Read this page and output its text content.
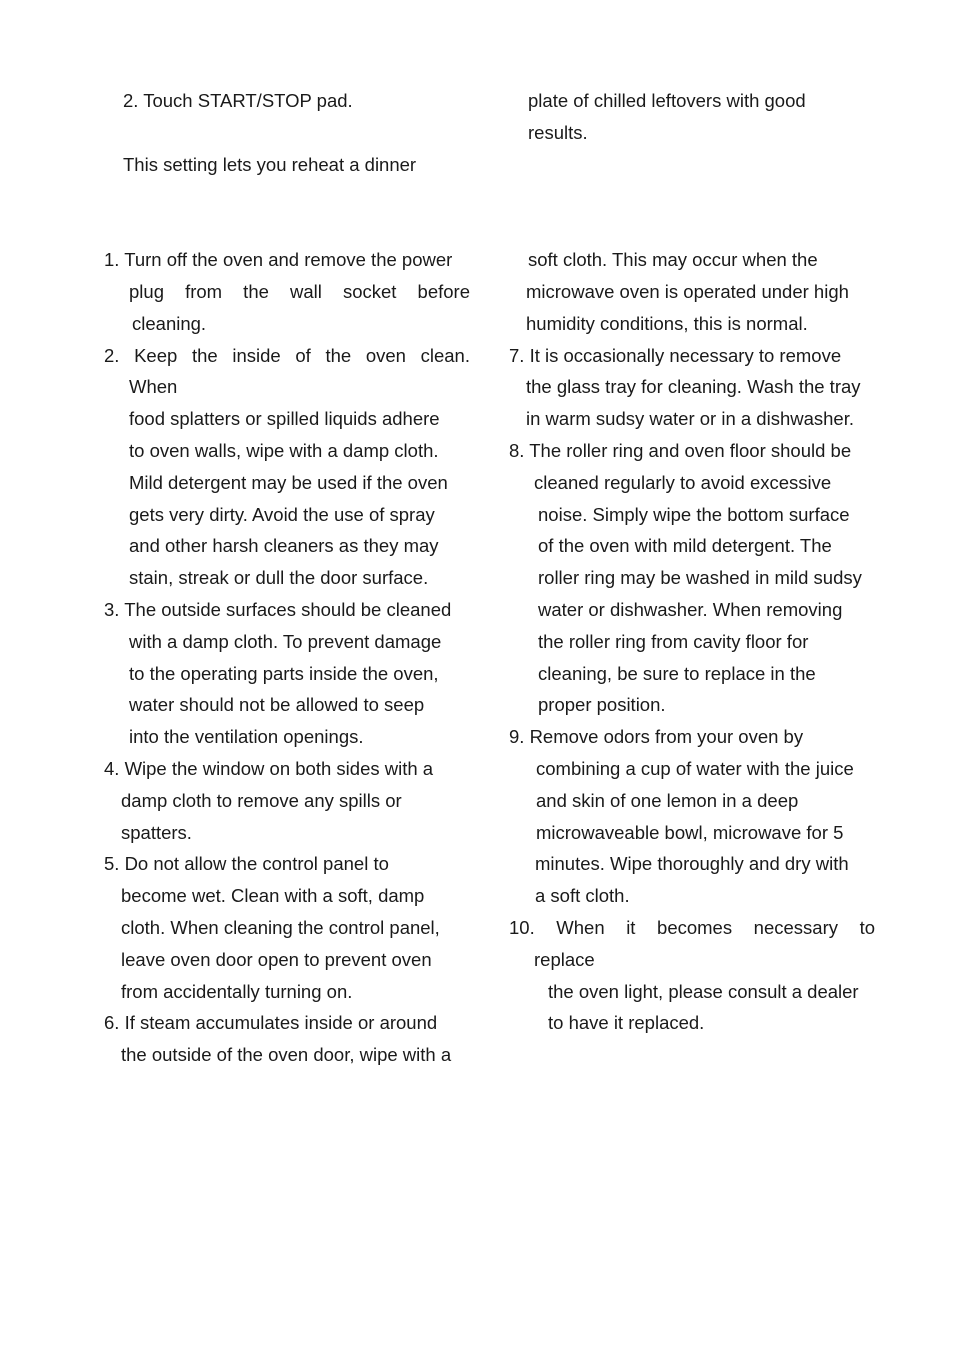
2. Touch START/STOP pad.
This setting lets you reheat a dinner
plate of chilled leftovers with good
results.
1. Turn off the oven and remove the power
plug from the wall socket before
cleaning.
2. Keep the inside of the oven clean.
When
food splatters or spilled liquids adhere
to oven walls, wipe with a damp cloth.
Mild detergent may be used if the oven
gets very dirty. Avoid the use of spray
and other harsh cleaners as they may
stain, streak or dull the door surface.
3. The outside surfaces should be cleaned
with a damp cloth. To prevent damage
to the operating parts inside the oven,
water should not be allowed to seep
into the ventilation openings.
4. Wipe the window on both sides with a
damp cloth to remove any spills or
spatters.
5. Do not allow the control panel to
become wet. Clean with a soft, damp
cloth. When cleaning the control panel,
leave oven door open to prevent oven
from accidentally turning on.
6. If steam accumulates inside or around
the outside of the oven door, wipe with a
soft cloth. This may occur when the
microwave oven is operated under high
humidity conditions, this is normal.
7. It is occasionally necessary to remove
the glass tray for cleaning. Wash the tray
in warm sudsy water or in a dishwasher.
8. The roller ring and oven floor should be
cleaned regularly to avoid excessive
noise. Simply wipe the bottom surface
of the oven with mild detergent. The
roller ring may be washed in mild sudsy
water or dishwasher. When removing
the roller ring from cavity floor for
cleaning, be sure to replace in the
proper position.
9. Remove odors from your oven by
combining a cup of water with the juice
and skin of one lemon in a deep
microwaveable bowl, microwave for 5
minutes. Wipe thoroughly and dry with
a soft cloth.
10. When it becomes necessary to
replace
the oven light, please consult a dealer
to have it replaced.
